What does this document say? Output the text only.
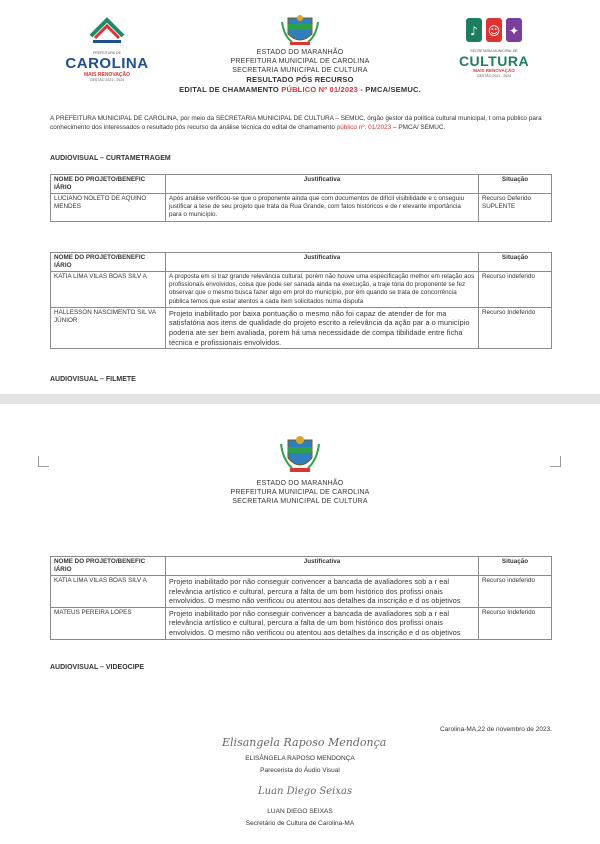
PREFEITURA DE
CAROLINA
MAIS RENOVAÇÃO
GESTÃO 2021 - 2024
♪ ☺ ✦
SECRETARIA MUNICIPAL DE
CULTURA
MAIS RENOVAÇÃO
GESTÃO 2021 - 2024
ESTADO DO MARANHÃO
PREFEITURA MUNICIPAL DE CAROLINA
SECRETARIA MUNICIPAL DE CULTURA
RESULTADO PÓS RECURSO
EDITAL DE CHAMAMENTO PÚBLICO Nº 01/2023 - PMCA/SEMUC.
A PREFEITURA MUNICIPAL DE CAROLINA, por meio da SECRETARIA MUNICIPAL DE CULTURA – SEMUC, órgão gestor da política cultural municipal, t orna público para conhecimento dos interessados o resultado pós recurso da análise técnica do edital de chamamento público nº. 01/2023 – PMCA/ SEMUC.
AUDIOVISUAL – CURTAMETRAGEM
NOME DO PROJETO/BENEFIC IÁRIO	Justificativa	Situação
LUCIANO NOLETO DE AQUINO MENDES	Após análise verificou-se que o proponente ainda que com documentos de difícil visibilidade e c onseguiu justificar a tese de seu projeto que trata da Rua Grande, com fatos históricos e de r elevante importância para o município.	Recurso Deferido SUPLENTE
NOME DO PROJETO/BENEFIC IÁRIO	Justificativa	Situação
KATIA LIMA VILAS BOAS SILV A	A proposta em si traz grande relevância cultural, porém não houve uma especificação melhor em relação aos profissionais envolvidos, coisa que pode ser sanada ainda na execução, a traje tória do proponente se fez observar que o mesmo busca fazer algo em prol do município, por ém quando se trata de concorrência pública temos que estar atentos a cada item solicitados numa disputa	Recurso indeferido
HALLESSON NASCIMENTO SIL VA JÚNIOR	Projeto inabilitado por baixa pontuação o mesmo não foi capaz de atender de for ma satisfatória aos itens de qualidade do projeto escrito a relevância da ação par a o município poderia ate ser bem avaliada, porem há uma necessidade de compa tibilidade entre ficha técnica e profissionais envolvidos.	Recurso Indeferido
AUDIOVISUAL – FILMETE
ESTADO DO MARANHÃO
PREFEITURA MUNICIPAL DE CAROLINA
SECRETARIA MUNICIPAL DE CULTURA
NOME DO PROJETO/BENEFIC IÁRIO	Justificativa	Situação
KATIA LIMA VILAS BOAS SILV A	Projeto inabilitado por não conseguir convencer a bancada de avaliadores sob a r eal relevância artístico e cultural, percura a falta de um bom histórico dos profissi onais envolvidos. O mesmo não verificou ou atentou aos detalhes da inscrição e d os objetivos	Recurso indeferido
MATEUS PEREIRA LOPES	Projeto inabilitado por não conseguir convencer a bancada de avaliadores sob a r eal relevância artístico e cultural, percura a falta de um bom histórico dos profissi onais envolvidos. O mesmo não verificou ou atentou aos detalhes da inscrição e d os objetivos	Recurso Indeferido
AUDIOVISUAL – VIDEOCIPE
Carolina-MA,22 de novembro de 2023.
Elisangela Raposo Mendonça
ELISÂNGELA RAPOSO MENDONÇA
Parecerista do Áudio Visual
Luan Diego Seixas
LUAN DIEGO SEIXAS
Secretário de Cultura de Carolina-MA
